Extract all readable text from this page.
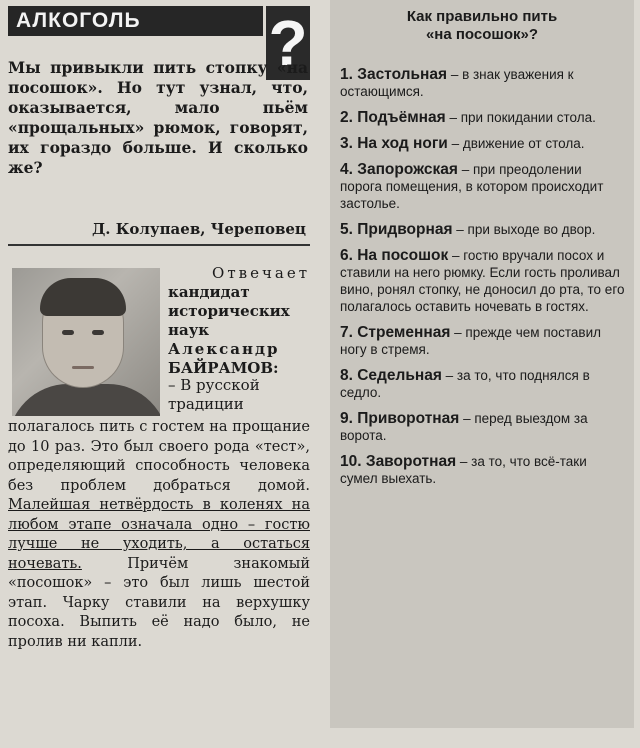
АЛКОГОЛЬ	?
Мы привыкли пить стопку «на посошок». Но тут узнал, что, оказывается, мало пьём «прощальных» рюмок, говорят, их гораздо больше. И сколько же?
Д. Колупаев, Череповец
Отвечает
кандидат исторических наук
Александр
БАЙРАМОВ:
– В русской традиции
полагалось пить с гостем на прощание до 10 раз. Это был своего рода «тест», определяющий способность человека без проблем добраться домой. Малейшая нетвёрдость в коленях на любом этапе означала одно – гостю лучше не уходить, а остаться ночевать.	Причём знакомый «посошок» – это был лишь шестой этап. Чарку ставили на верхушку посоха. Выпить её надо было, не пролив ни капли.
Как правильно пить
«на посошок»?
1. Застольная – в знак уважения к остающимся.
2. Подъёмная – при покидании стола.
3. На ход ноги – движение от стола.
4. Запорожская – при преодолении порога помещения, в котором происходит застолье.
5. Придворная – при выходе во двор.
6. На посошок – гостю вручали посох и ставили на него рюмку. Если гость проливал вино, ронял стопку, не доносил до рта, то его полагалось оставить ночевать в гостях.
7. Стременная – прежде чем поставил ногу в стремя.
8. Седельная – за то, что поднялся в седло.
9. Приворотная – перед выездом за ворота.
10. Заворотная – за то, что всё-таки сумел выехать.
